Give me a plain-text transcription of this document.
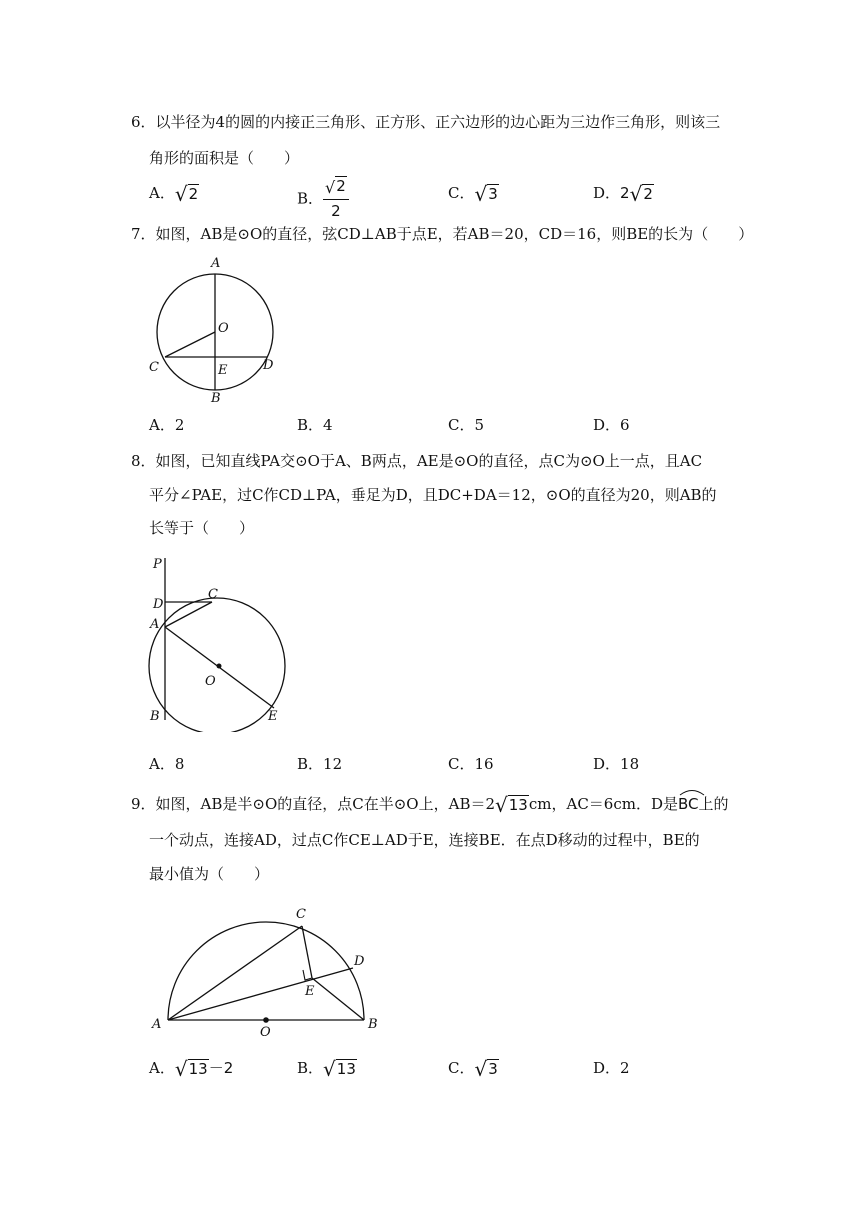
6．以半径为4的圆的内接正三角形、正方形、正六边形的边心距为三边作三角形，则该三
角形的面积是（　　）
A．√2	B． $\frac{√2}{2}$	C．√3	D．2√2
7．如图，AB是⊙O的直径，弦CD⊥AB于点E，若AB＝20，CD＝16，则BE的长为（　　）
A
O
C	D
E
B
A．2	B．4	C．5	D．6
8．如图，已知直线PA交⊙O于A、B两点，AE是⊙O的直径，点C为⊙O上一点，且AC
平分∠PAE，过C作CD⊥PA，垂足为D，且DC+DA＝12，⊙O的直径为20，则AB的
长等于（　　）
P
C
D
A
O
B	E
A．8	B．12	C．16	D．18
9．如图，AB是半⊙O的直径，点C在半⊙O上，AB＝2√13cm，AC＝6cm．D是
BC上的
一个动点，连接AD，过点C作CE⊥AD于E，连接BE．在点D移动的过程中，BE的
最小值为（　　）
C
D
E
A
O
B
A．√13－2	B．√13	C．√3	D．2
